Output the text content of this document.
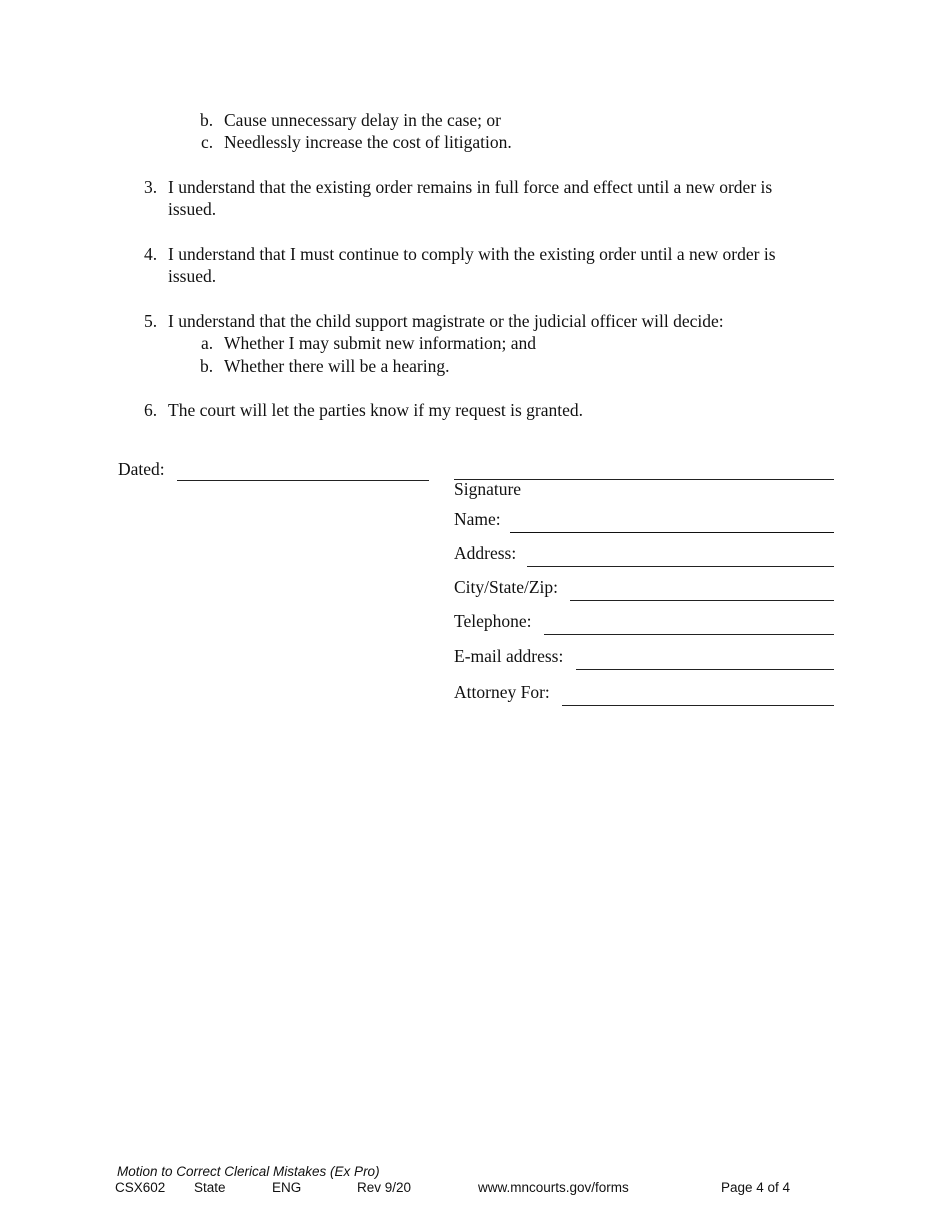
b. Cause unnecessary delay in the case; or
c. Needlessly increase the cost of litigation.
3. I understand that the existing order remains in full force and effect until a new order is
issued.
4. I understand that I must continue to comply with the existing order until a new order is
issued.
5. I understand that the child support magistrate or the judicial officer will decide:
a. Whether I may submit new information; and
b. Whether there will be a hearing.
6. The court will let the parties know if my request is granted.
Dated:
Signature
Name:
Address:
City/State/Zip:
Telephone:
E-mail address:
Attorney For:
Motion to Correct Clerical Mistakes (Ex Pro)
CSX602 State	ENG	Rev 9/20	www.mncourts.gov/forms	Page 4 of 4
